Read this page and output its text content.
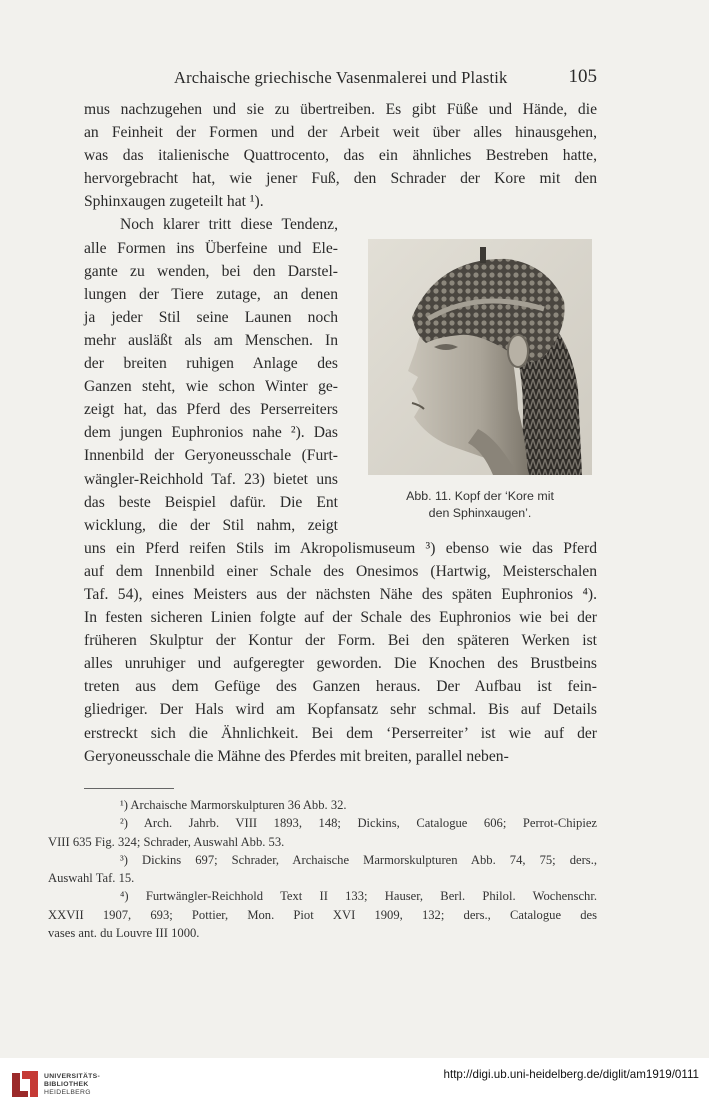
Archaische griechische Vasenmalerei und Plastik	105
mus nachzugehen und sie zu übertreiben. Es gibt Füße und Hände, die
an Feinheit der Formen und der Arbeit weit über alles hinausgehen,
was das italienische Quattrocento, das ein ähnliches Bestreben hatte,
hervorgebracht hat, wie jener Fuß, den Schrader der Kore mit den
Sphinxaugen zugeteilt hat ¹).
Noch klarer tritt diese Tendenz,
alle Formen ins Überfeine und Ele-
gante zu wenden, bei den Darstel-
lungen der Tiere zutage, an denen
ja jeder Stil seine Launen noch
mehr ausläßt als am Menschen. In
der breiten ruhigen Anlage des
Ganzen steht, wie schon Winter ge-
zeigt hat, das Pferd des Perserreiters
dem jungen Euphronios nahe ²). Das
Innenbild der Geryoneusschale (Furt-
wängler-Reichhold Taf. 23) bietet uns
das beste Beispiel dafür. Die Ent
wicklung, die der Stil nahm, zeigt
uns ein Pferd reifen Stils im Akropolismuseum ³) ebenso wie das Pferd
auf dem Innenbild einer Schale des Onesimos (Hartwig, Meisterschalen
Taf. 54), eines Meisters aus der nächsten Nähe des späten Euphronios ⁴).
In festen sicheren Linien folgte auf der Schale des Euphronios wie bei der
früheren Skulptur der Kontur der Form. Bei den späteren Werken ist
alles unruhiger und aufgeregter geworden. Die Knochen des Brustbeins
treten aus dem Gefüge des Ganzen heraus. Der Aufbau ist fein-
gliedriger. Der Hals wird am Kopfansatz sehr schmal. Bis auf Details
erstreckt sich die Ähnlichkeit. Bei dem ‘Perserreiter’ ist wie auf der
Geryoneusschale die Mähne des Pferdes mit breiten, parallel neben-
Abb. 11. Kopf der ‘Kore mit
den Sphinxaugen’.
¹) Archaische Marmorskulpturen 36 Abb. 32.
²) Arch. Jahrb. VIII 1893, 148; Dickins, Catalogue 606; Perrot-Chipiez
VIII 635 Fig. 324; Schrader, Auswahl Abb. 53.
³) Dickins 697; Schrader, Archaische Marmorskulpturen Abb. 74, 75; ders.,
Auswahl Taf. 15.
⁴) Furtwängler-Reichhold Text II 133; Hauser, Berl. Philol. Wochenschr.
XXVII 1907, 693; Pottier, Mon. Piot XVI 1909, 132; ders., Catalogue des
vases ant. du Louvre III 1000.
UNIVERSITÄTS-
BIBLIOTHEK
HEIDELBERG
http://digi.ub.uni-heidelberg.de/diglit/am1919/0111
